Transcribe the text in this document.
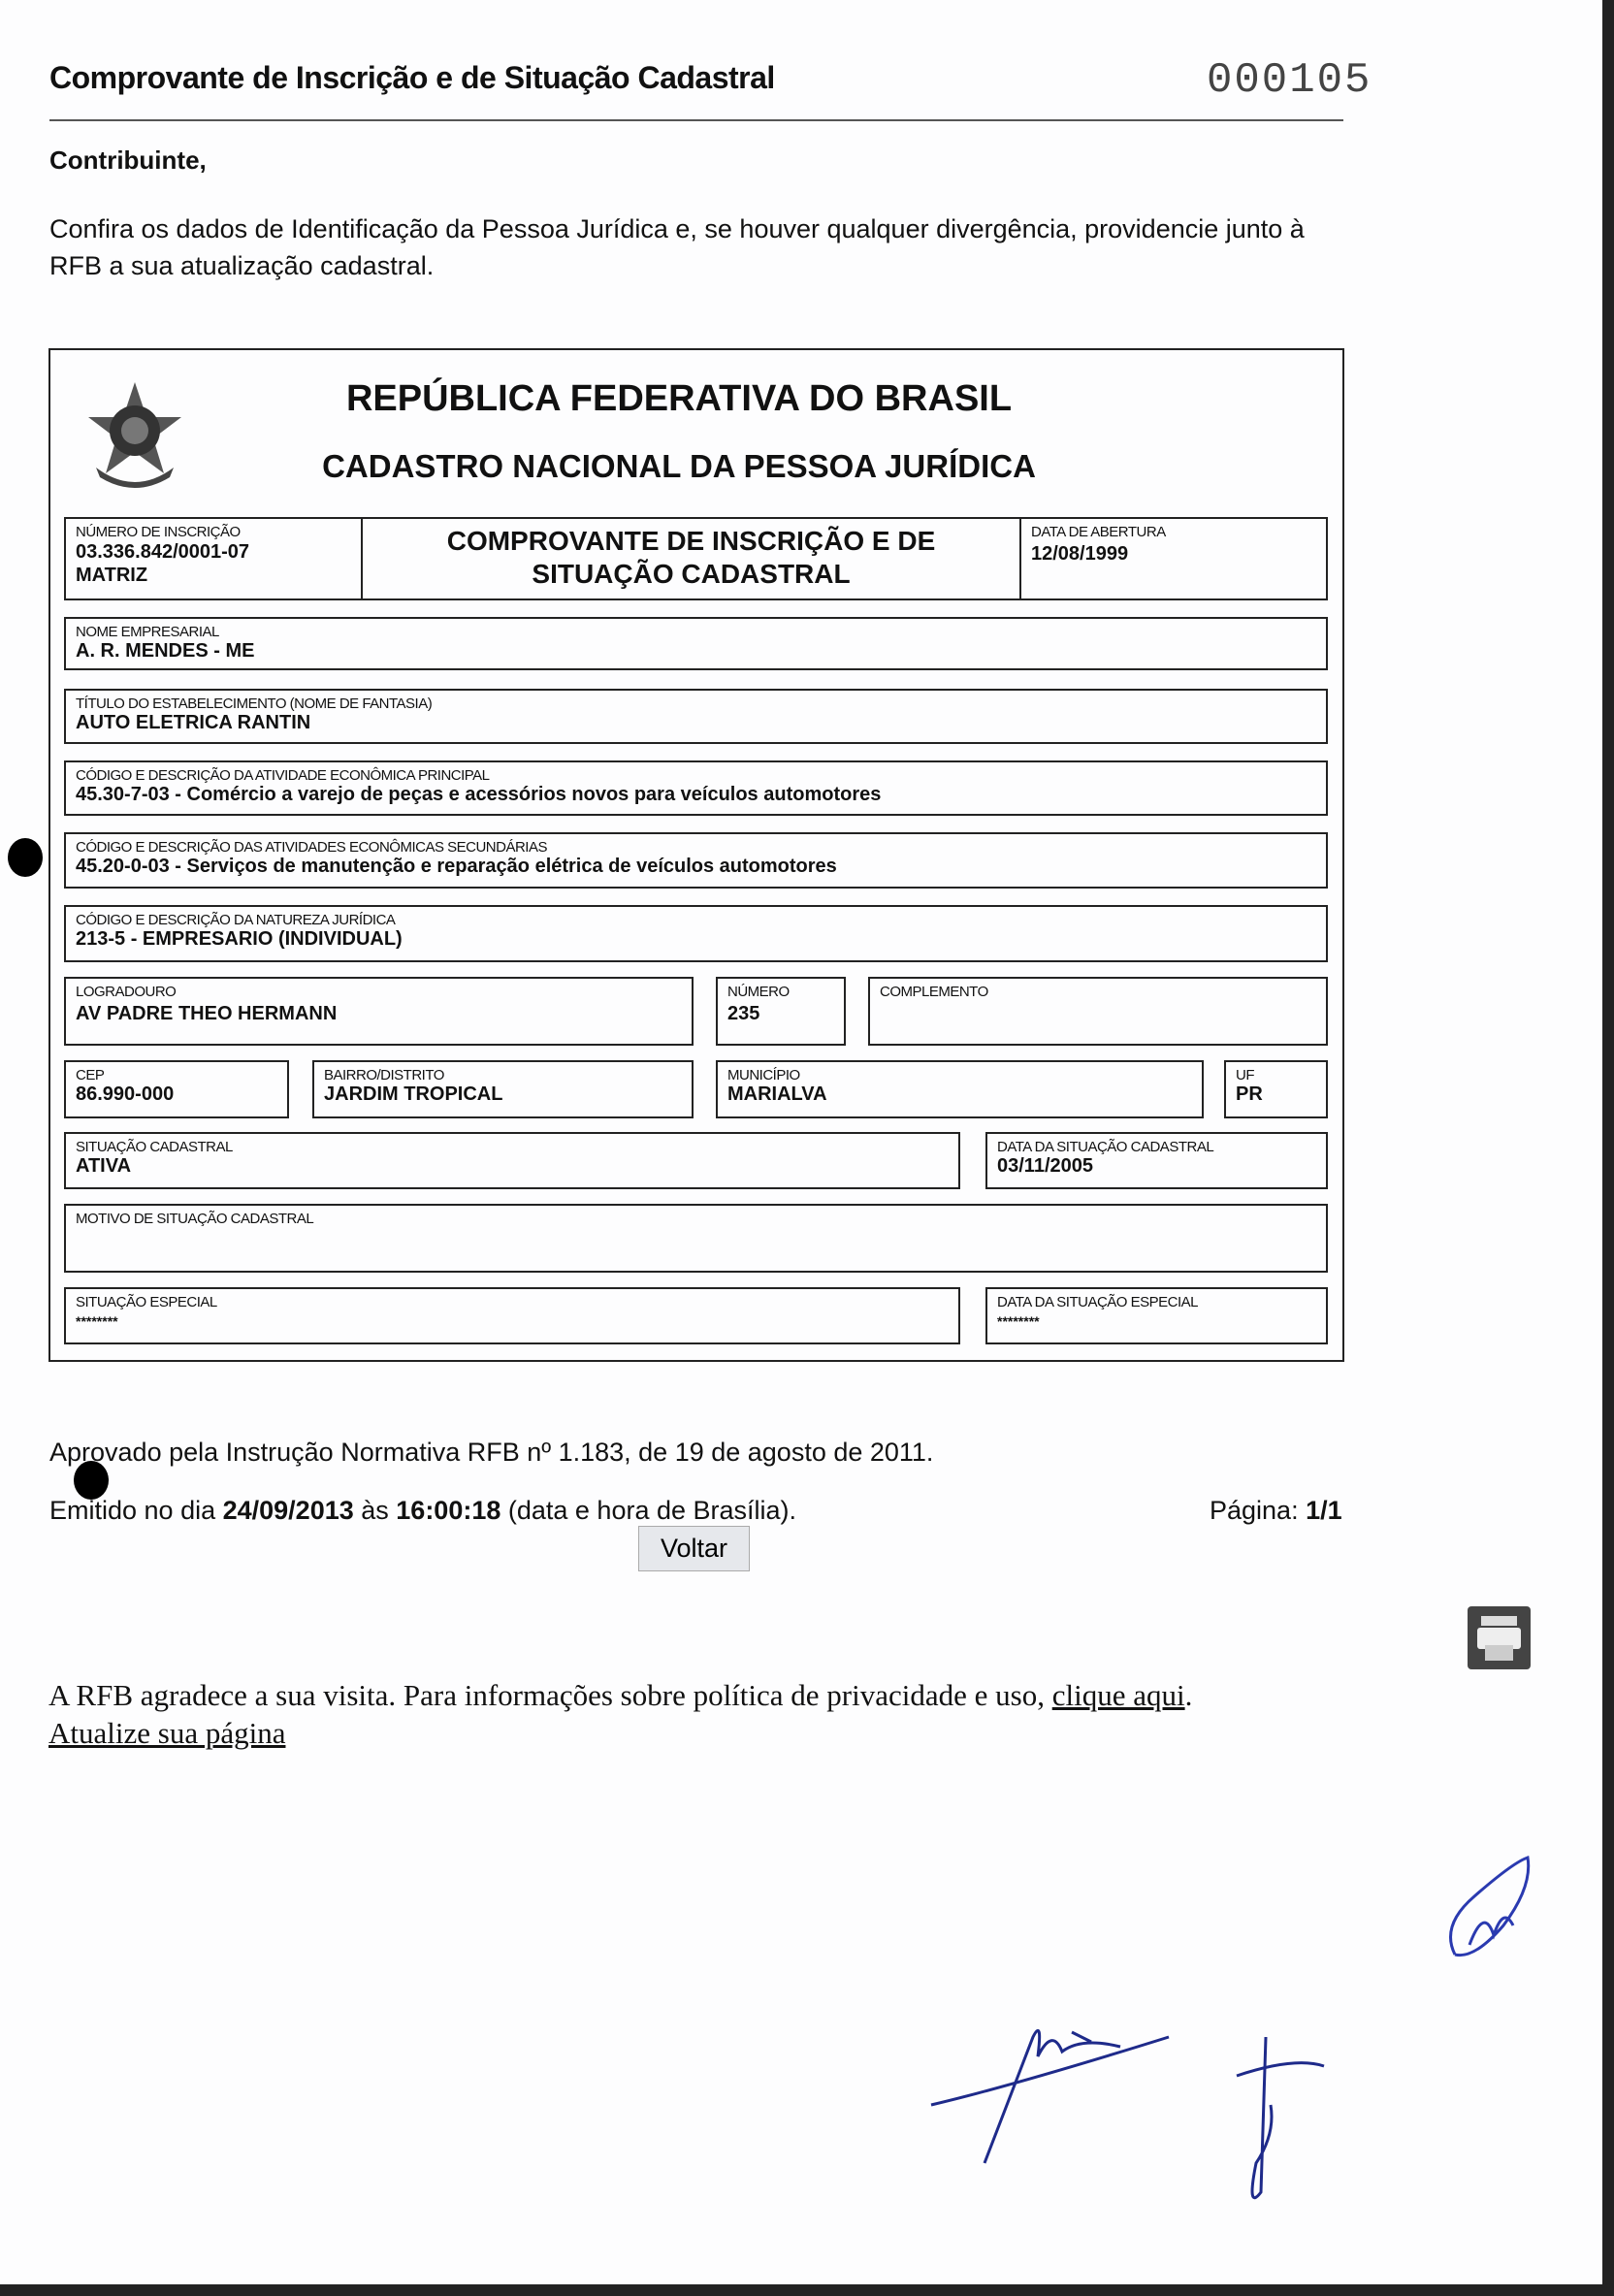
Comprovante de Inscrição e de Situação Cadastral	000105
Contribuinte,
Confira os dados de Identificação da Pessoa Jurídica e, se houver qualquer divergência, providencie junto à RFB a sua atualização cadastral.
REPÚBLICA FEDERATIVA DO BRASIL
CADASTRO NACIONAL DA PESSOA JURÍDICA
NÚMERO DE INSCRIÇÃO
03.336.842/0001-07
MATRIZ
COMPROVANTE DE INSCRIÇÃO E DE SITUAÇÃO CADASTRAL
DATA DE ABERTURA
12/08/1999
NOME EMPRESARIAL
A. R. MENDES - ME
TÍTULO DO ESTABELECIMENTO (NOME DE FANTASIA)
AUTO ELETRICA RANTIN
CÓDIGO E DESCRIÇÃO DA ATIVIDADE ECONÔMICA PRINCIPAL
45.30-7-03 - Comércio a varejo de peças e acessórios novos para veículos automotores
CÓDIGO E DESCRIÇÃO DAS ATIVIDADES ECONÔMICAS SECUNDÁRIAS
45.20-0-03 - Serviços de manutenção e reparação elétrica de veículos automotores
CÓDIGO E DESCRIÇÃO DA NATUREZA JURÍDICA
213-5 - EMPRESARIO (INDIVIDUAL)
LOGRADOURO
AV PADRE THEO HERMANN
NÚMERO
235
COMPLEMENTO
CEP
86.990-000
BAIRRO/DISTRITO
JARDIM TROPICAL
MUNICÍPIO
MARIALVA
UF
PR
SITUAÇÃO CADASTRAL
ATIVA
DATA DA SITUAÇÃO CADASTRAL
03/11/2005
MOTIVO DE SITUAÇÃO CADASTRAL
SITUAÇÃO ESPECIAL
********
DATA DA SITUAÇÃO ESPECIAL
********
Aprovado pela Instrução Normativa RFB nº 1.183, de 19 de agosto de 2011.
Emitido no dia 24/09/2013 às 16:00:18 (data e hora de Brasília).	Página: 1/1
Voltar
A RFB agradece a sua visita. Para informações sobre política de privacidade e uso, clique aqui.
Atualize sua página
